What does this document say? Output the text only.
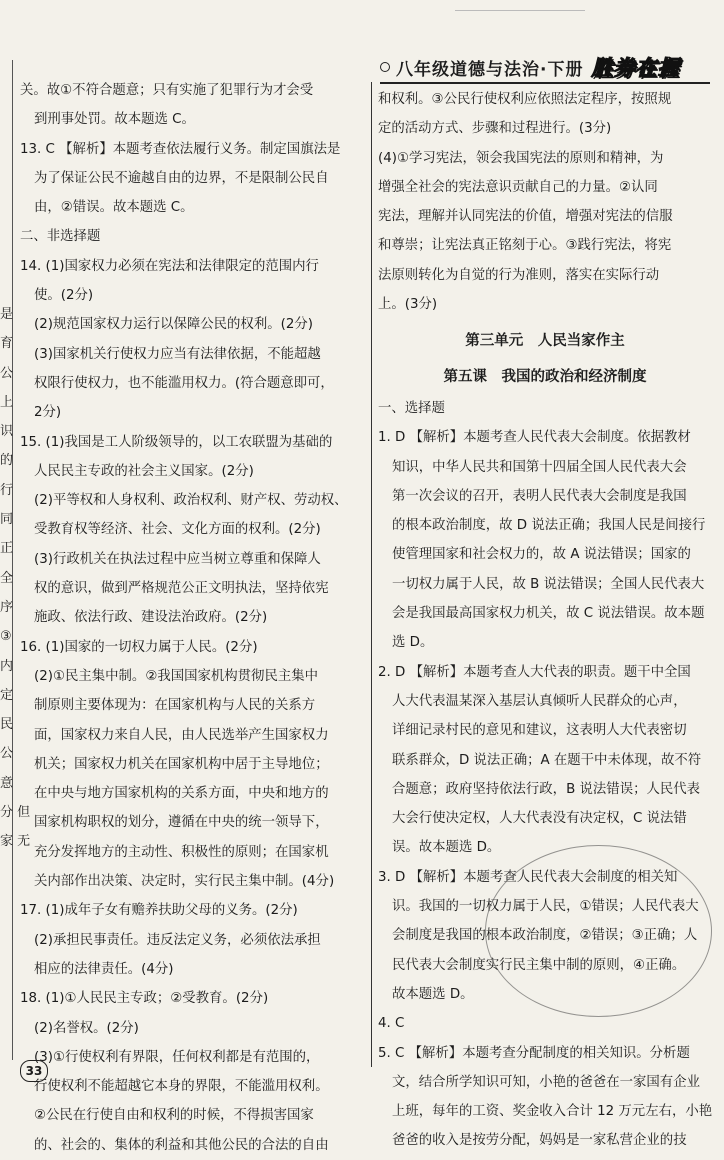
八年级道德与法治·下册 胜券在握
是
育
公
上
识
的
行
同
正
全
序
③
内
定
民
公
意
分 但
家 无
关。故①不符合题意；只有实施了犯罪行为才会受
到刑事处罚。故本题选 C。
13. C 【解析】本题考查依法履行义务。制定国旗法是
为了保证公民不逾越自由的边界，不是限制公民自
由，②错误。故本题选 C。
二、非选择题
14. (1)国家权力必须在宪法和法律限定的范围内行
使。(2分)
(2)规范国家权力运行以保障公民的权利。(2分)
(3)国家机关行使权力应当有法律依据，不能超越
权限行使权力，也不能滥用权力。(符合题意即可，
2分)
15. (1)我国是工人阶级领导的，以工农联盟为基础的
人民民主专政的社会主义国家。(2分)
(2)平等权和人身权利、政治权利、财产权、劳动权、
受教育权等经济、社会、文化方面的权利。(2分)
(3)行政机关在执法过程中应当树立尊重和保障人
权的意识，做到严格规范公正文明执法，坚持依宪
施政、依法行政、建设法治政府。(2分)
16. (1)国家的一切权力属于人民。(2分)
(2)①民主集中制。②我国国家机构贯彻民主集中
制原则主要体现为：在国家机构与人民的关系方
面，国家权力来自人民，由人民选举产生国家权力
机关；国家权力机关在国家机构中居于主导地位；
在中央与地方国家机构的关系方面，中央和地方的
国家机构职权的划分，遵循在中央的统一领导下，
充分发挥地方的主动性、积极性的原则；在国家机
关内部作出决策、决定时，实行民主集中制。(4分)
17. (1)成年子女有赡养扶助父母的义务。(2分)
(2)承担民事责任。违反法定义务，必须依法承担
相应的法律责任。(4分)
18. (1)①人民民主专政；②受教育。(2分)
(2)名誉权。(2分)
(3)①行使权利有界限，任何权利都是有范围的，
行使权利不能超越它本身的界限，不能滥用权利。
②公民在行使自由和权利的时候，不得损害国家
的、社会的、集体的利益和其他公民的合法的自由
和权利。③公民行使权利应依照法定程序，按照规
定的活动方式、步骤和过程进行。(3分)
(4)①学习宪法，领会我国宪法的原则和精神，为
增强全社会的宪法意识贡献自己的力量。②认同
宪法，理解并认同宪法的价值，增强对宪法的信服
和尊崇；让宪法真正铭刻于心。③践行宪法，将宪
法原则转化为自觉的行为准则，落实在实际行动
上。(3分)
第三单元　人民当家作主
第五课　我国的政治和经济制度
一、选择题
1. D 【解析】本题考查人民代表大会制度。依据教材
知识，中华人民共和国第十四届全国人民代表大会
第一次会议的召开，表明人民代表大会制度是我国
的根本政治制度，故 D 说法正确；我国人民是间接行
使管理国家和社会权力的，故 A 说法错误；国家的
一切权力属于人民，故 B 说法错误；全国人民代表大
会是我国最高国家权力机关，故 C 说法错误。故本题
选 D。
2. D 【解析】本题考查人大代表的职责。题干中全国
人大代表温某深入基层认真倾听人民群众的心声，
详细记录村民的意见和建议，这表明人大代表密切
联系群众，D 说法正确；A 在题干中未体现，故不符
合题意；政府坚持依法行政，B 说法错误；人民代表
大会行使决定权，人大代表没有决定权，C 说法错
误。故本题选 D。
3. D 【解析】本题考查人民代表大会制度的相关知
识。我国的一切权力属于人民，①错误；人民代表大
会制度是我国的根本政治制度，②错误；③正确；人
民代表大会制度实行民主集中制的原则，④正确。
故本题选 D。
4. C
5. C 【解析】本题考查分配制度的相关知识。分析题
文，结合所学知识可知，小艳的爸爸在一家国有企业
上班，每年的工资、奖金收入合计 12 万元左右，小艳
爸爸的收入是按劳分配，妈妈是一家私营企业的技
33
